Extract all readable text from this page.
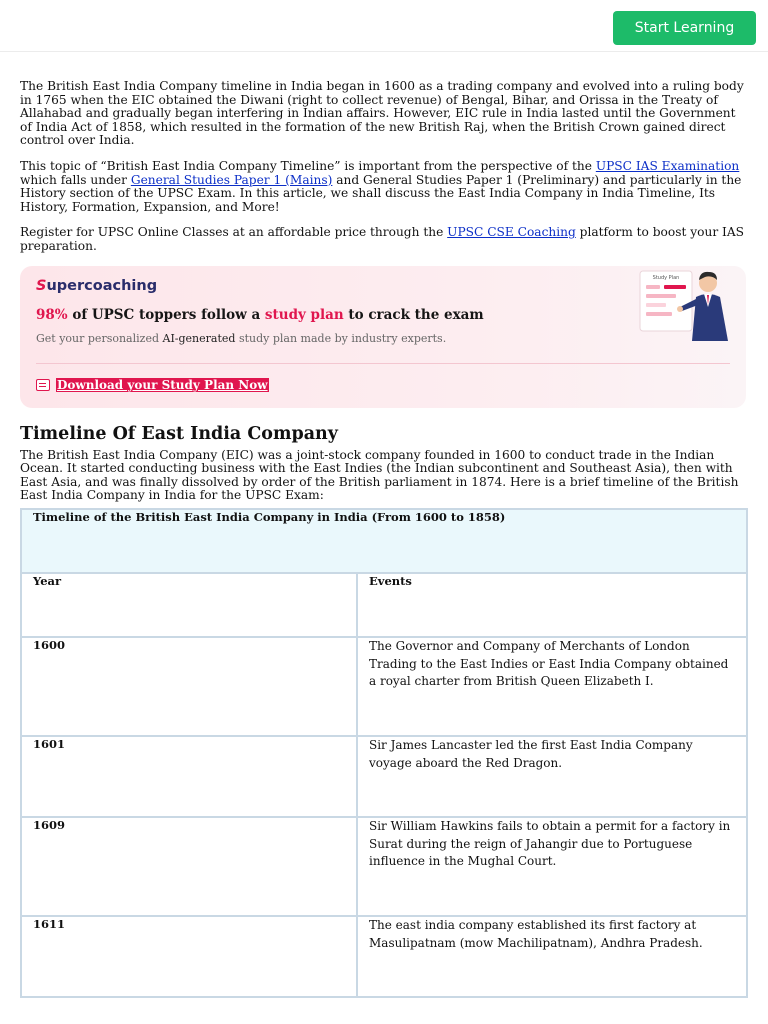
Start Learning

The British East India Company timeline in India began in 1600 as a trading company and evolved into a ruling body in 1765 when the EIC obtained the Diwani (right to collect revenue) of Bengal, Bihar, and Orissa in the Treaty of Allahabad and gradually began interfering in Indian affairs. However, EIC rule in India lasted until the Government of India Act of 1858, which resulted in the formation of the new British Raj, when the British Crown gained direct control over India.

This topic of “British East India Company Timeline” is important from the perspective of the UPSC IAS Examination which falls under General Studies Paper 1 (Mains) and General Studies Paper 1 (Preliminary) and particularly in the History section of the UPSC Exam. In this article, we shall discuss the East India Company in India Timeline, Its History, Formation, Expansion, and More!

Register for UPSC Online Classes at an affordable price through the UPSC CSE Coaching platform to boost your IAS preparation.

Supercoaching
98% of UPSC toppers follow a study plan to crack the exam
Get your personalized AI-generated study plan made by industry experts.
Download your Study Plan Now
Study Plan
Timeline Of East India Company

The British East India Company (EIC) was a joint-stock company founded in 1600 to conduct trade in the Indian Ocean. It started conducting business with the East Indies (the Indian subcontinent and Southeast Asia), then with East Asia, and was finally dissolved by order of the British parliament in 1874. Here is a brief timeline of the British East India Company in India for the UPSC Exam:

Timeline of the British East India Company in India (From 1600 to 1858)	
Year	Events
1600	The Governor and Company of Merchants of London Trading to the East Indies or East India Company obtained a royal charter from British Queen Elizabeth I.
1601	Sir James Lancaster led the first East India Company voyage aboard the Red Dragon.
1609	Sir William Hawkins fails to obtain a permit for a factory in Surat during the reign of Jahangir due to Portuguese influence in the Mughal Court.
1611	The east india company established its first factory at Masulipatnam (mow Machilipatnam), Andhra Pradesh.
